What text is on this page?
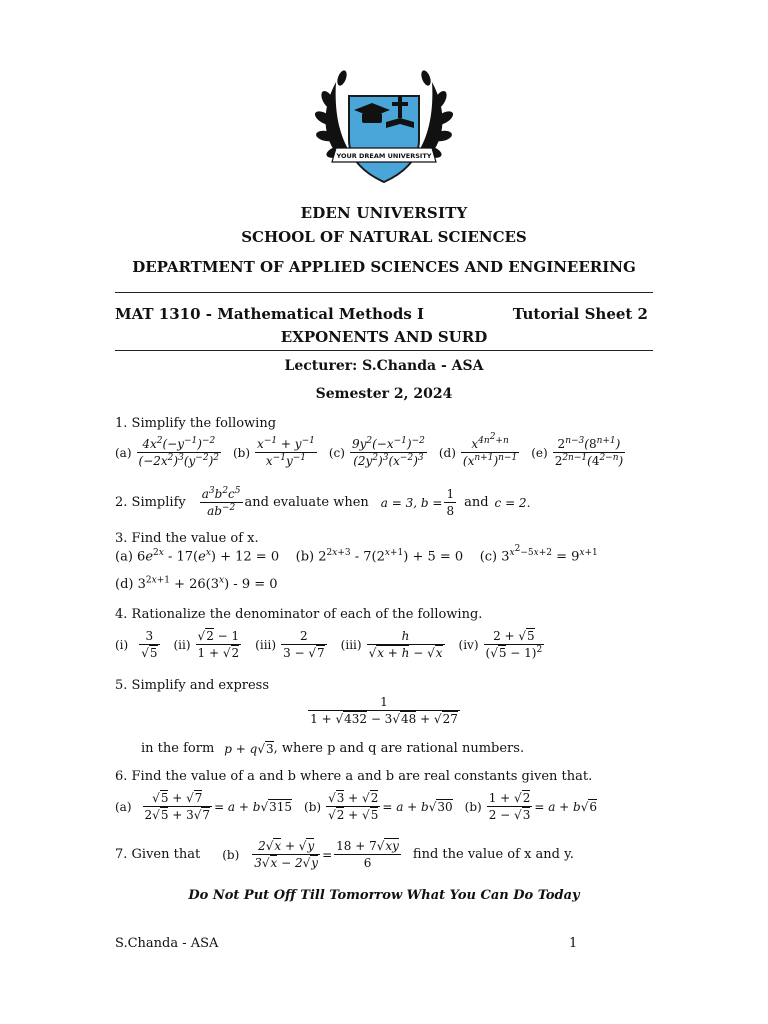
YOUR DREAM UNIVERSITY
EDEN UNIVERSITY
SCHOOL OF NATURAL SCIENCES
DEPARTMENT OF APPLIED SCIENCES AND ENGINEERING
MAT 1310 - Mathematical Methods I	Tutorial Sheet 2
EXPONENTS AND SURD
Lecturer: S.Chanda - ASA
Semester 2, 2024
1. Simplify the following
$(a) \frac{4x^2(-y^{-1})^{-2}}{(-2x^2)^3(y^{-2})^2} (b) \frac{x^{-1} + y^{-1}}{x^{-1}y^{-1}} (c) \frac{9y^2(-x^{-1})^{-2}}{(2y^2)^3(x^{-2})^3} (d) \frac{x^{4n^2+n}}{(x^{n+1})^{n-1}} (e) \frac{2^{n-3}(8^{n+1})}{2^{2n-1}(4^{2-n})}$
2. Simplify $\frac{a^3b^2c^5}{ab^{-2}}$ and evaluate when a = 3, $b = \frac{1}{8}$ and c = 2.
3. Find the value of x.
(a) $6e^{2x} - 17(e^x) + 12 = 0$    (b) $2^{2x+3} - 7(2^{x+1}) + 5 = 0$    (c) $3^{x^2-5x+2} = 9^{x+1}$
(d) $3^{2x+1} + 26(3^x) - 9 = 0$
4. Rationalize the denominator of each of the following.
$(i) \frac{3}{√5} (ii) \frac{√2 - 1}{1 + √2} (iii) \frac{2}{3 - √7} (iii) \frac{h}{√x + h - √x} (iv) \frac{2 + √5}{(√5 - 1)^2}$
5. Simplify and express
$\frac{1}{1 + √432 - 3√48 + √27}$
in the form p + q√3 , where p and q are rational numbers.
6. Find the value of a and b where a and b are real constants given that.
$(a) \frac{√5 + √7}{2√5 + 3√7} = a + b√315$ $(b) \frac{√3 + √2}{√2 + √5} = a + b√30$ $(b) \frac{1 + √2}{2 - √3} = a + b√6$
7. Given that $(b) \frac{2√x + √y}{3√x - 2√y} = \frac{18 + 7√xy}{6}$ find the value of x and y.
Do Not Put Off Till Tomorrow What You Can Do Today
S.Chanda - ASA	1
